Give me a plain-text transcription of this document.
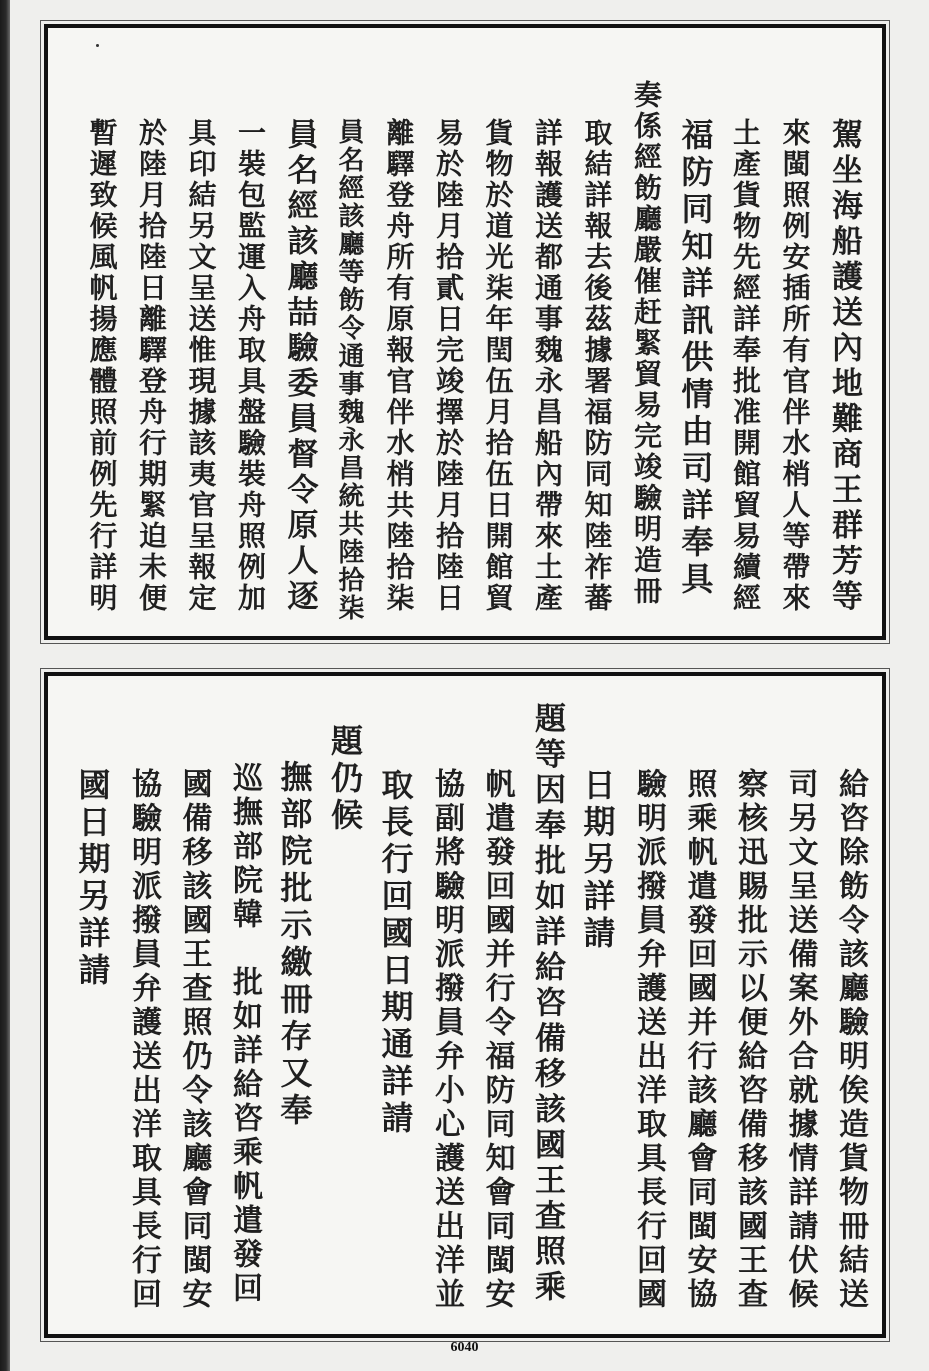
駕坐海船護送內地難商王群芳等
來閩照例安插所有官伴水梢人等帶來
土產貨物先經詳奉批准開館貿易續經
福防同知詳訊供情由司詳奉具
奏係經飭廳嚴催赶緊貿易完竣驗明造冊
取結詳報去後茲據署福防同知陸祚蕃
詳報護送都通事魏永昌船內帶來土產
貨物於道光柒年閏伍月拾伍日開館貿
易於陸月拾貳日完竣擇於陸月拾陸日
離驛登舟所有原報官伴水梢共陸拾柒
員名經該廳等飭令通事魏永昌統共陸拾柒
員名經該廳喆驗委員督令原人逐
一裝包監運入舟取具盤驗裝舟照例加
具印結另文呈送惟現據該夷官呈報定
於陸月拾陸日離驛登舟行期緊迫未便
暫遲致候風帆揚應體照前例先行詳明
給咨除飭令該廳驗明俟造貨物冊結送
司另文呈送備案外合就據情詳請伏候
察核迅賜批示以便給咨備移該國王查
照乘帆遣發回國并行該廳會同閩安協
驗明派撥員弁護送出洋取具長行回國
日期另詳請
題等因奉批如詳給咨備移該國王查照乘
帆遣發回國并行令福防同知會同閩安
協副將驗明派撥員弁小心護送出洋並
取長行回國日期通詳請
題仍候
撫部院批示繳冊存又奉
巡撫部院韓　批如詳給咨乘帆遣發回
國備移該國王查照仍令該廳會同閩安
協驗明派撥員弁護送出洋取具長行回
國日期另詳請
6040
